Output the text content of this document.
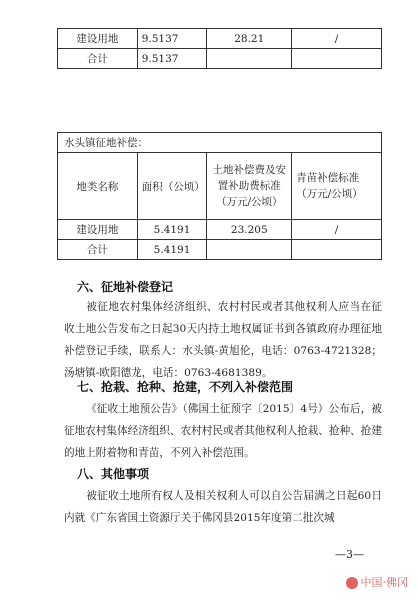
建设用地	9.5137	28.21	/
合计	9.5137		
水头镇征地补偿：			
地类名称	面积（公顷）	土地补偿费及安置补助费标准（万元/公顷）	青苗补偿标准（万元/公顷）
建设用地	5.4191	23.205	/
合计	5.4191		
六、征地补偿登记

被征地农村集体经济组织、农村村民或者其他权利人应当在征收土地公告发布之日起30天内持土地权属证书到各镇政府办理征地补偿登记手续，联系人：水头镇-黄旭伦，电话：0763-4721328；汤塘镇-欧阳德龙，电话：0763-4681389。

七、抢栽、抢种、抢建，不列入补偿范围

《征收土地预公告》（佛国土征预字〔2015〕4号）公布后，被征地农村集体经济组织、农村村民或者其他权利人抢栽、抢种、抢建的地上附着物和青苗，不列入补偿范围。

八、其他事项

被征收土地所有权人及相关权利人可以自公告届满之日起60日内就《广东省国土资源厅关于佛冈县2015年度第二批次城

—3—
中国·佛冈
